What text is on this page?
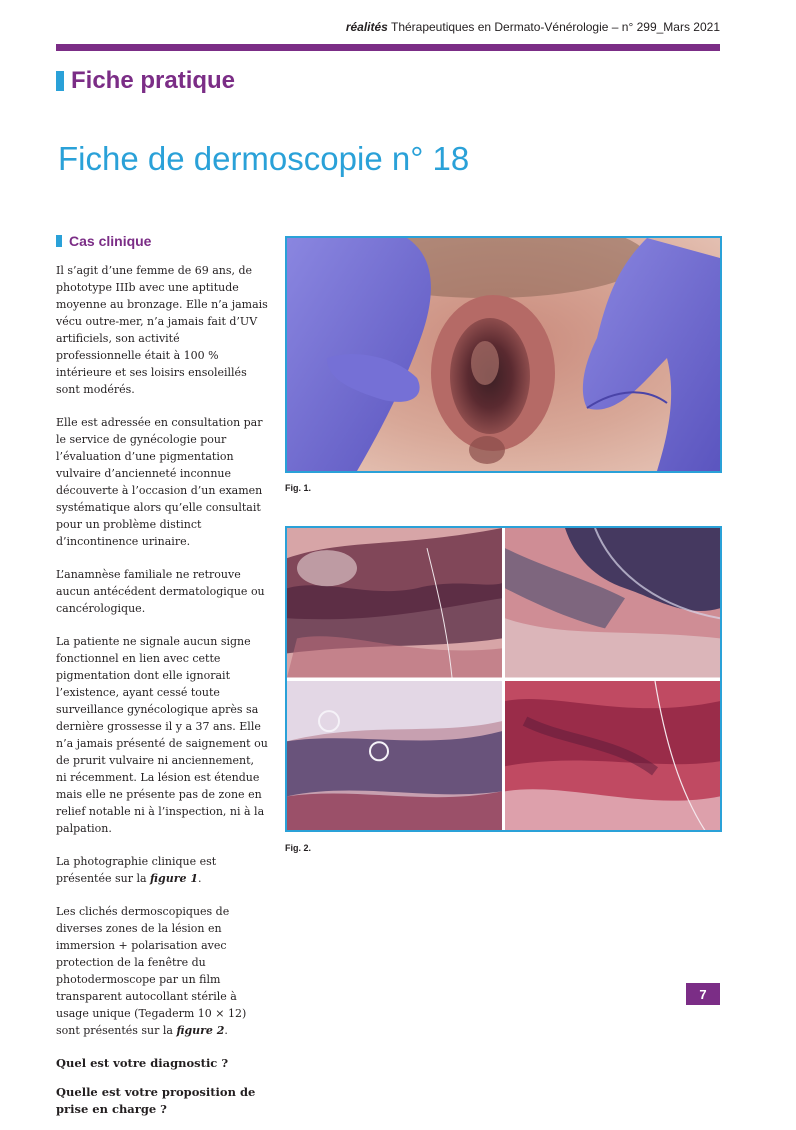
réalités Thérapeutiques en Dermato-Vénérologie – n° 299_Mars 2021
Fiche pratique
Fiche de dermoscopie n° 18
Cas clinique

Il s’agit d’une femme de 69 ans, de phototype IIIb avec une aptitude moyenne au bronzage. Elle n’a jamais vécu outre-mer, n’a jamais fait d’UV artificiels, son activité professionnelle était à 100 % intérieure et ses loisirs ensoleillés sont modérés.

Elle est adressée en consultation par le service de gynécologie pour l’évaluation d’une pigmentation vulvaire d’ancienneté inconnue découverte à l’occasion d’un examen systématique alors qu’elle consultait pour un problème distinct d’incontinence urinaire.

L’anamnèse familiale ne retrouve aucun antécédent dermatologique ou cancérologique.

La patiente ne signale aucun signe fonctionnel en lien avec cette pigmentation dont elle ignorait l’existence, ayant cessé toute surveillance gynécologique après sa dernière grossesse il y a 37 ans. Elle n’a jamais présenté de saignement ou de prurit vulvaire ni anciennement, ni récemment. La lésion est étendue mais elle ne présente pas de zone en relief notable ni à l’inspection, ni à la palpation.

La photographie clinique est présentée sur la figure 1.

Les clichés dermoscopiques de diverses zones de la lésion en immersion + polarisation avec protection de la fenêtre du photodermoscope par un film transparent autocollant stérile à usage unique (Tegaderm 10 × 12) sont présentés sur la figure 2.

Quel est votre diagnostic ?

Quelle est votre proposition de prise en charge ?

Fig. 1.
Fig. 2.
7
